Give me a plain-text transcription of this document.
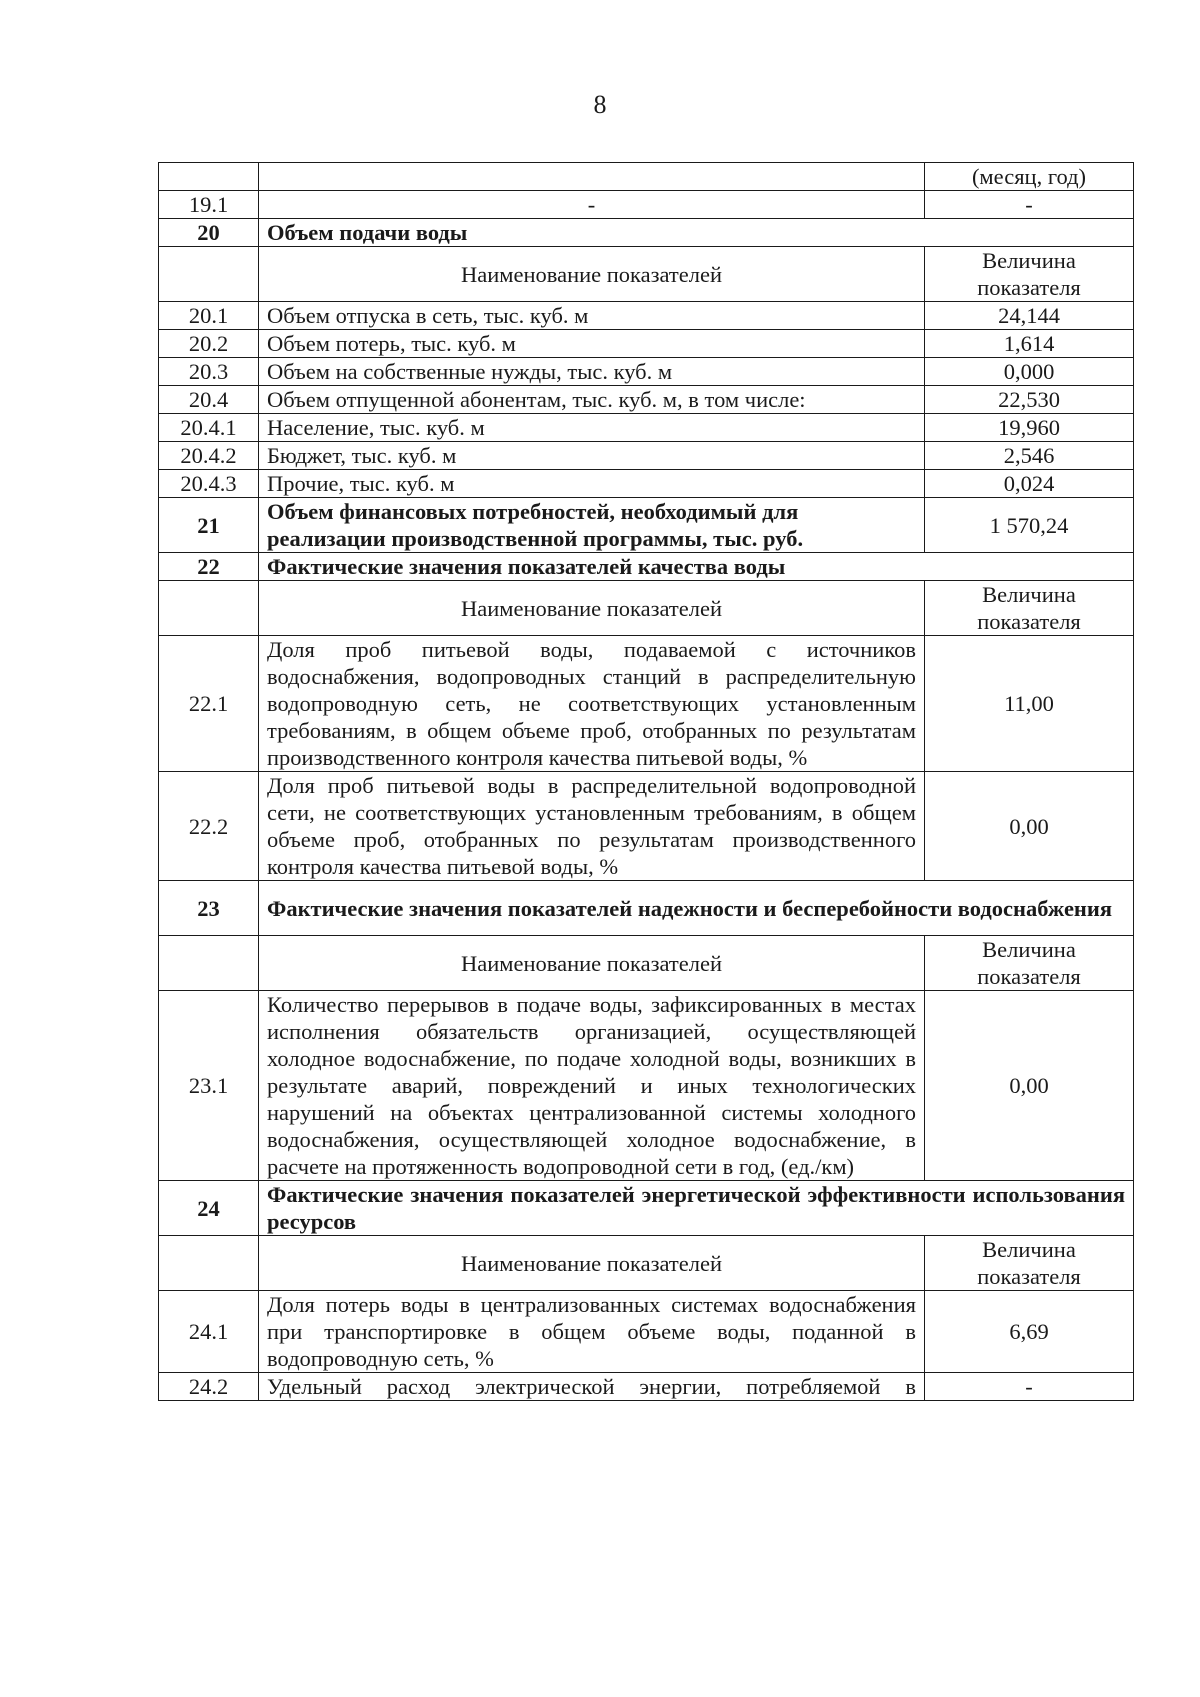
8
		(месяц, год)
19.1	-	-
20	Объем подачи воды	
	Наименование показателей	Величина показателя
20.1	Объем отпуска в сеть, тыс. куб. м	24,144
20.2	Объем потерь, тыс. куб. м	1,614
20.3	Объем на собственные нужды, тыс. куб. м	0,000
20.4	Объем отпущенной абонентам, тыс. куб. м, в том числе:	22,530
20.4.1	Население, тыс. куб. м	19,960
20.4.2	Бюджет, тыс. куб. м	2,546
20.4.3	Прочие, тыс. куб. м	0,024
21	Объем финансовых потребностей, необходимый для реализации производственной программы, тыс. руб.	1 570,24
22	Фактические значения показателей качества воды	
	Наименование показателей	Величина показателя
22.1	Доля проб питьевой воды, подаваемой с источников водоснабжения, водопроводных станций в распределительную водопроводную сеть, не соответствующих установленным требованиям, в общем объеме проб, отобранных по результатам производственного контроля качества питьевой воды, %	11,00
22.2	Доля проб питьевой воды в распределительной водопроводной сети, не соответствующих установленным требованиям, в общем объеме проб, отобранных по результатам производственного контроля качества питьевой воды, %	0,00
23	Фактические значения показателей надежности и бесперебойности водоснабжения	
	Наименование показателей	Величина показателя
23.1	Количество перерывов в подаче воды, зафиксированных в местах исполнения обязательств организацией, осуществляющей холодное водоснабжение, по подаче холодной воды, возникших в результате аварий, повреждений и иных технологических нарушений на объектах централизованной системы холодного водоснабжения, осуществляющей холодное водоснабжение, в расчете на протяженность водопроводной сети в год, (ед./км)	0,00
24	Фактические значения показателей энергетической эффективности использования ресурсов	
	Наименование показателей	Величина показателя
24.1	Доля потерь воды в централизованных системах водоснабжения при транспортировке в общем объеме воды, поданной в водопроводную сеть, %	6,69
24.2	Удельный расход электрической энергии, потребляемой в	-
